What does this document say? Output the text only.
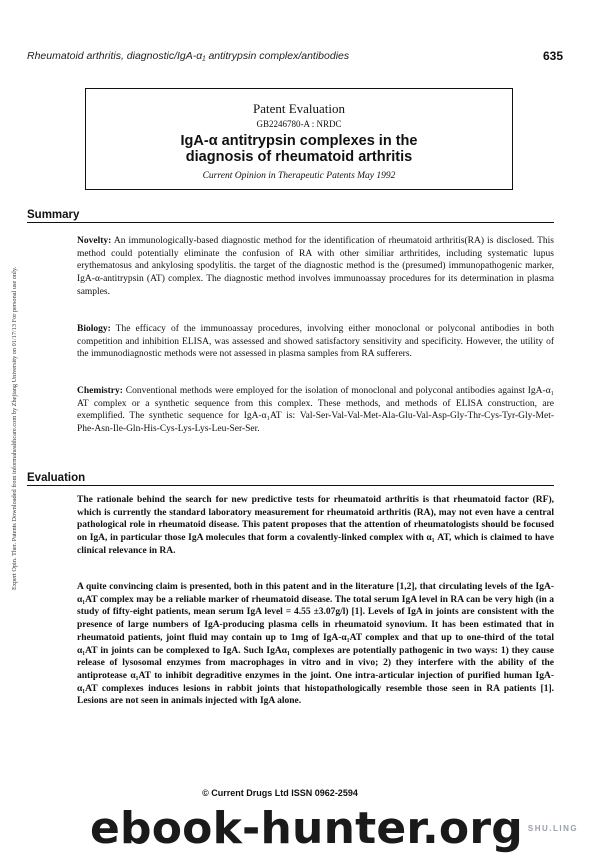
Rheumatoid arthritis, diagnostic/IgA-α₁ antitrypsin complex/antibodies	635
Expert Opin. Ther. Patents Downloaded from informahealthcare.com by Zhejiang University on 01/17/13 For personal use only.
Patent Evaluation
GB2246780-A : NRDC
IgA-α antitrypsin complexes in the
diagnosis of rheumatoid arthritis
Current Opinion in Therapeutic Patents May 1992
Summary
Novelty: An immunologically-based diagnostic method for the identification of rheumatoid arthritis(RA) is disclosed. This method could potentially eliminate the confusion of RA with other similiar arthritides, including systematic lupus erythematosus and ankylosing spodylitis. the target of the diagnostic method is the (presumed) immunopathogenic marker, IgA-α-antitrypsin (AT) complex. The diagnostic method involves immunoassay procedures for its determination in plasma samples.
Biology: The efficacy of the immunoassay procedures, involving either monoclonal or polyconal antibodies in both competition and inhibition ELISA, was assessed and showed satisfactory sensitivity and specificity. However, the utility of the immunodiagnostic methods were not assessed in plasma samples from RA sufferers.
Chemistry: Conventional methods were employed for the isolation of monoclonal and polyconal antibodies against IgA-α₁ AT complex or a synthetic sequence from this complex. These methods, and methods of ELISA construction, are exemplified. The synthetic sequence for IgA-α₁AT is: Val-Ser-Val-Val-Met-Ala-Glu-Val-Asp-Gly-Thr-Cys-Tyr-Gly-Met-Phe-Asn-Ile-Gln-His-Cys-Lys-Lys-Leu-Ser-Ser.
Evaluation
The rationale behind the search for new predictive tests for rheumatoid arthritis is that rheumatoid factor (RF), which is currently the standard laboratory measurement for rheumatoid arthritis (RA), may not even have a central pathological role in rheumatoid disease. This patent proposes that the attention of rheumatologists should be focused on IgA, in particular those IgA molecules that form a covalently-linked complex with α₁ AT, which is claimed to have clinical relevance in RA.
A quite convincing claim is presented, both in this patent and in the literature [1,2], that circulating levels of the IgA-α₁AT complex may be a reliable marker of rheumatoid disease. The total serum IgA level in RA can be very high (in a study of fifty-eight patients, mean serum IgA level = 4.55 ±3.07g/l) [1]. Levels of IgA in joints are consistent with the presence of large numbers of IgA-producing plasma cells in rheumatoid synovium. It has been estimated that in rheumatoid patients, joint fluid may contain up to 1mg of IgA-α₁AT complex and that up to one-third of the total α₁AT in joints can be complexed to IgA. Such IgAα₁ complexes are potentially pathogenic in two ways: 1) they cause release of lysosomal enzymes from macrophages in vitro and in vivo; 2) they interfere with the ability of the antiprotease α₁AT to inhibit degraditive enzymes in the joint. One intra-articular injection of purified human IgA-α₁AT complexes induces lesions in rabbit joints that histopathologically resemble those seen in RA patients [1]. Lesions are not seen in animals injected with IgA alone.
© Current Drugs Ltd ISSN 0962-2594
ebook-hunter.org SHU.LING
